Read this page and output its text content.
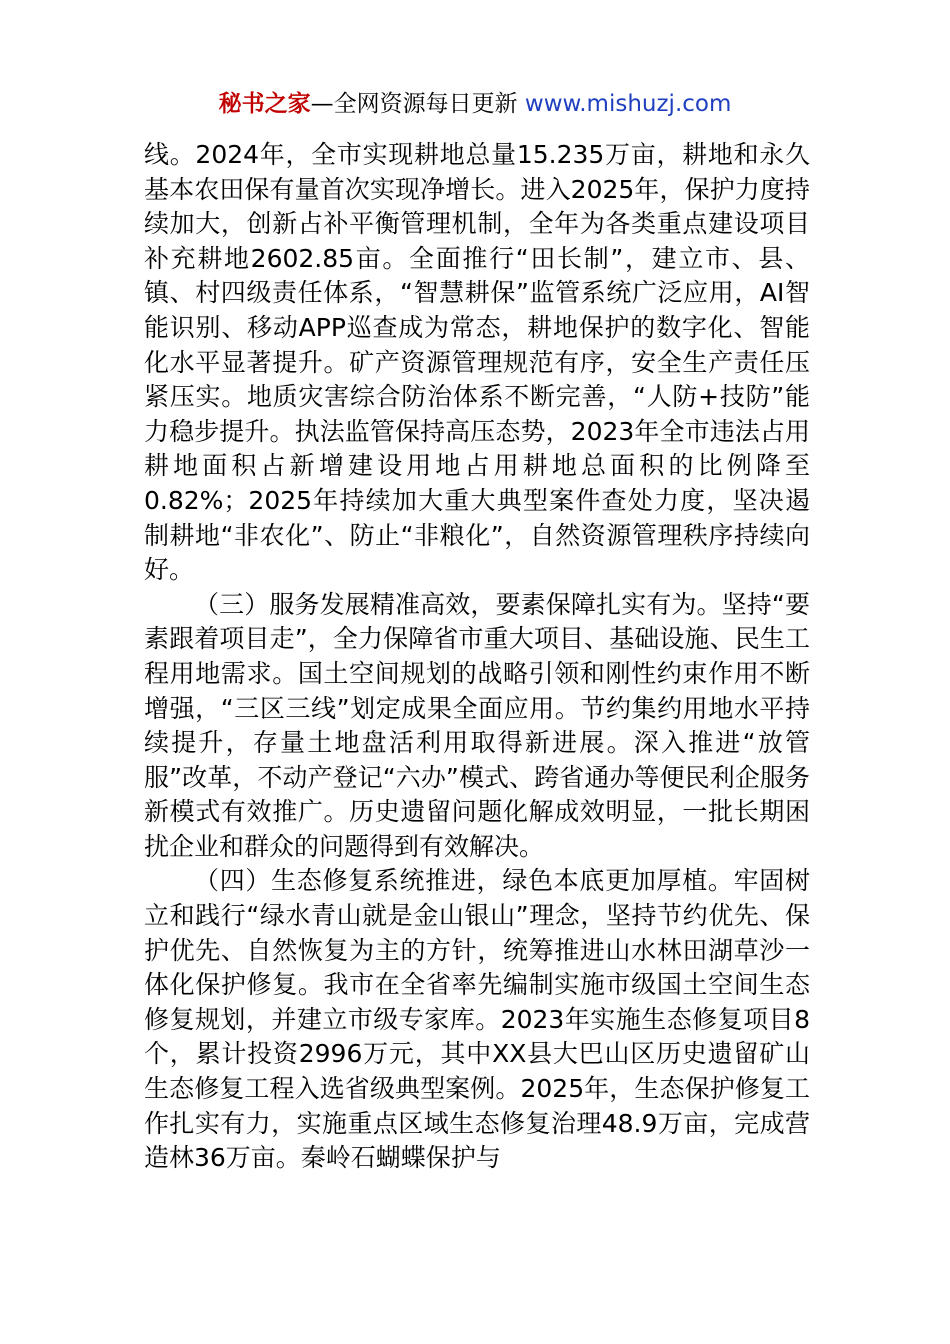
秘书之家—全网资源每日更新 www.mishuzj.com

线。2024年，全市实现耕地总量15.235万亩，耕地和永久基本农田保有量首次实现净增长。进入2025年，保护力度持续加大，创新占补平衡管理机制，全年为各类重点建设项目补充耕地2602.85亩。全面推行“田长制”，建立市、县、镇、村四级责任体系，“智慧耕保”监管系统广泛应用，AI智能识别、移动APP巡查成为常态，耕地保护的数字化、智能化水平显著提升。矿产资源管理规范有序，安全生产责任压紧压实。地质灾害综合防治体系不断完善，“人防+技防”能力稳步提升。执法监管保持高压态势，2023年全市违法占用耕地面积占新增建设用地占用耕地总面积的比例降至0.82%；2025年持续加大重大典型案件查处力度，坚决遏制耕地“非农化”、防止“非粮化”，自然资源管理秩序持续向好。

（三）服务发展精准高效，要素保障扎实有为。坚持“要素跟着项目走”，全力保障省市重大项目、基础设施、民生工程用地需求。国土空间规划的战略引领和刚性约束作用不断增强，“三区三线”划定成果全面应用。节约集约用地水平持续提升，存量土地盘活利用取得新进展。深入推进“放管服”改革，不动产登记“六办”模式、跨省通办等便民利企服务新模式有效推广。历史遗留问题化解成效明显，一批长期困扰企业和群众的问题得到有效解决。

（四）生态修复系统推进，绿色本底更加厚植。牢固树立和践行“绿水青山就是金山银山”理念，坚持节约优先、保护优先、自然恢复为主的方针，统筹推进山水林田湖草沙一体化保护修复。我市在全省率先编制实施市级国土空间生态修复规划，并建立市级专家库。2023年实施生态修复项目8个，累计投资2996万元，其中XX县大巴山区历史遗留矿山生态修复工程入选省级典型案例。2025年，生态保护修复工作扎实有力，实施重点区域生态修复治理48.9万亩，完成营造林36万亩。秦岭石蝴蝶保护与
